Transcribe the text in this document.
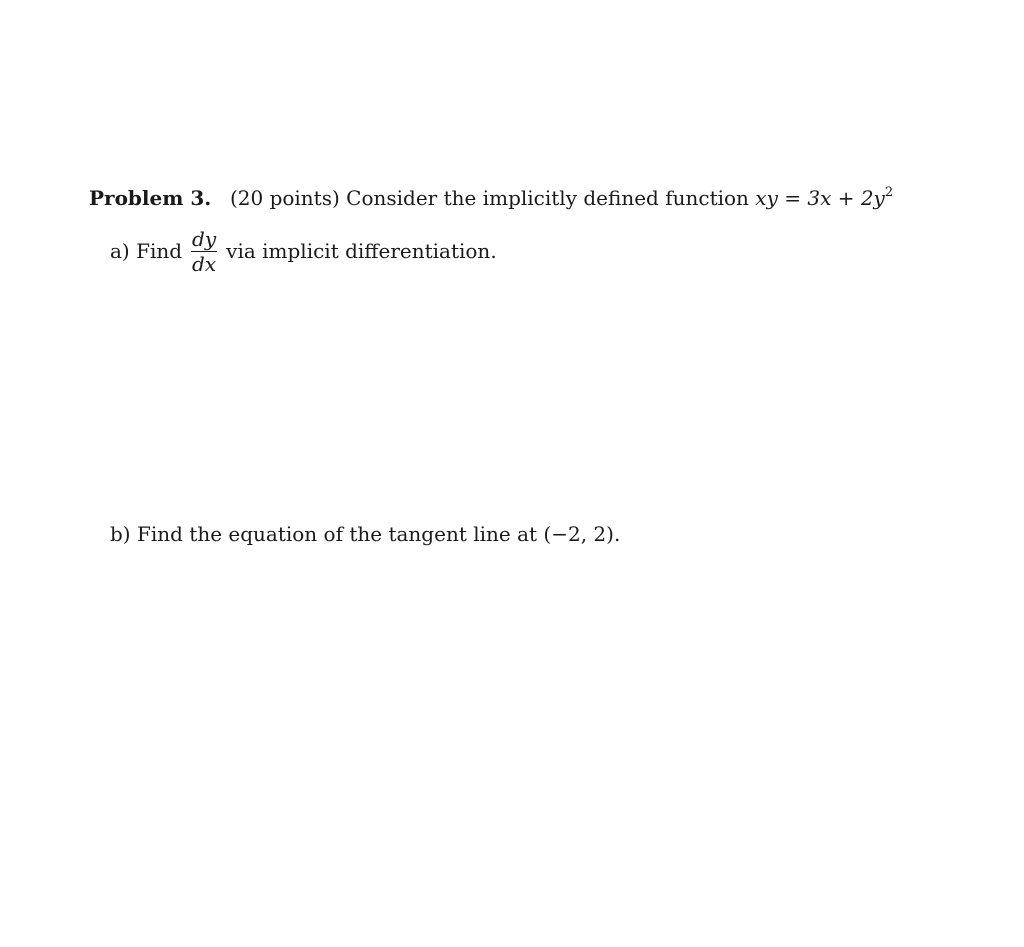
Problem 3. (20 points) Consider the implicitly defined function xy = $3x + 2y^2$
a) Find $\frac{dy}{dx}$ via implicit differentiation.
b) Find the equation of the tangent line at (−2, 2).
